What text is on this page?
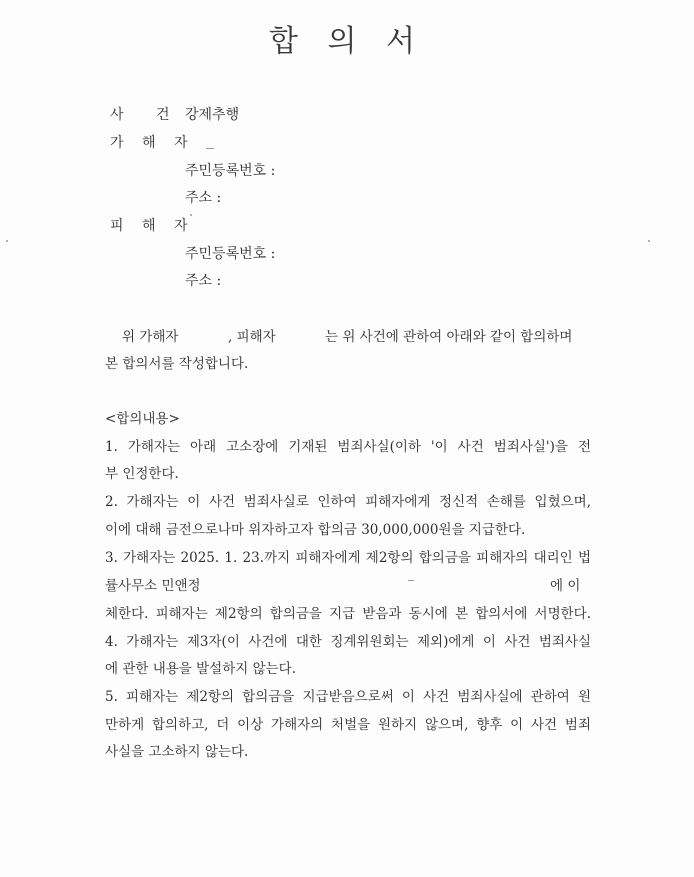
합 의 서
사 건 강제추행
가 해 자
주민등록번호 :
주소 :
피 해 자
주민등록번호 :
주소 :
위 가해자	, 피해자	는 위 사건에 관하여 아래와 같이 합의하며
본 합의서를 작성합니다.
<합의내용>
1. 가해자는 아래 고소장에 기재된 범죄사실(이하 '이 사건 범죄사실')을 전
부 인정한다.
2. 가해자는 이 사건 범죄사실로 인하여 피해자에게 정신적 손해를 입혔으며,
이에 대해 금전으로나마 위자하고자 합의금 30,000,000원을 지급한다.
3. 가해자는 2025. 1. 23.까지 피해자에게 제2항의 합의금을 피해자의 대리인 법
률사무소 민앤정	에 이
체한다. 피해자는 제2항의 합의금을 지급 받음과 동시에 본 합의서에 서명한다.
4. 가해자는 제3자(이 사건에 대한 징계위원회는 제외)에게 이 사건 범죄사실
에 관한 내용을 발설하지 않는다.
5. 피해자는 제2항의 합의금을 지급받음으로써 이 사건 범죄사실에 관하여 원
만하게 합의하고, 더 이상 가해자의 처벌을 원하지 않으며, 향후 이 사건 범죄
사실을 고소하지 않는다.
